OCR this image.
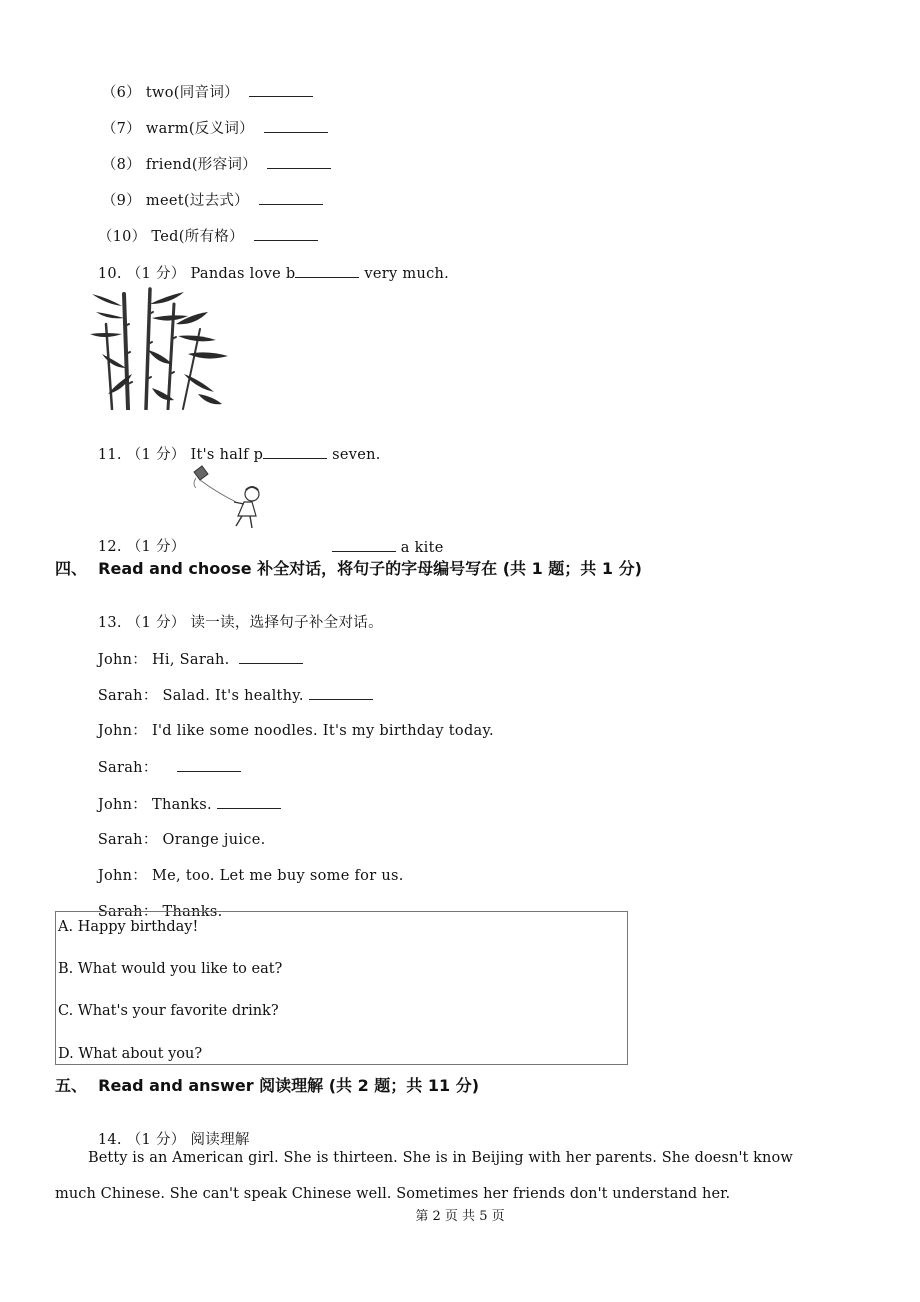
（6） two(同音词）

（7） warm(反义词）

（8） friend(形容词）

（9） meet(过去式）

（10） Ted(所有格）

10. （1 分） Pandas love b	very much.

11. （1 分） It's half p	seven.

12. （1 分）	a kite

四、  Read and choose 补全对话，将句子的字母编号写在 (共 1 题；共 1 分)

13. （1 分） 读一读，选择句子补全对话。

John： Hi, Sarah.

Sarah： Salad. It's healthy.

John： I'd like some noodles. It's my birthday today.

Sarah：

John： Thanks.

Sarah： Orange juice.

John： Me, too. Let me buy some for us.

Sarah： Thanks.

A. Happy birthday!
B. What would you like to eat?
C. What's your favorite drink?
D. What about you?
五、  Read and answer 阅读理解 (共 2 题；共 11 分)

14. （1 分） 阅读理解

Betty is an American girl. She is thirteen. She is in Beijing with her parents. She doesn't know
much Chinese. She can't speak Chinese well. Sometimes her friends don't understand her.
第 2 页 共 5 页
